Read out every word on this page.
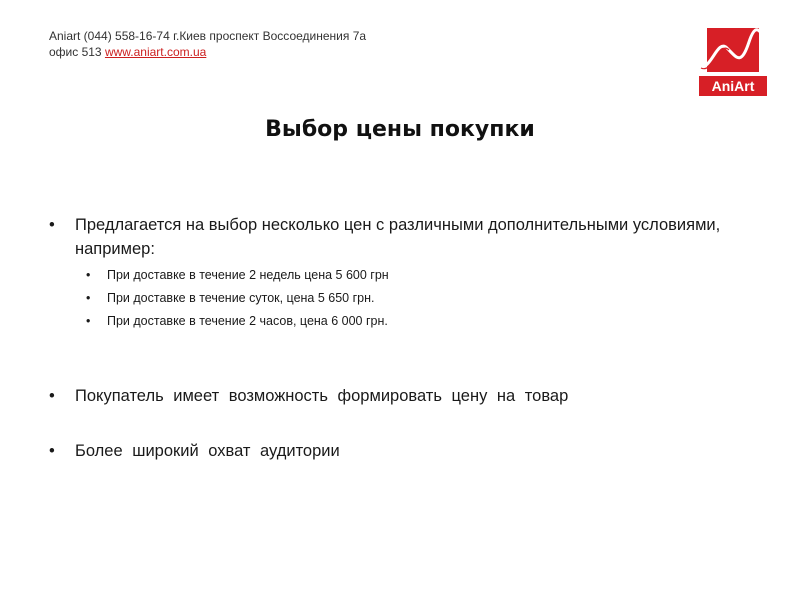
Aniart (044) 558-16-74 г.Киев проспект Воссоединения 7а
офис 513 www.aniart.com.ua
AniArt
Выбор цены покупки
• Предлагается на выбор несколько цен с различными дополнительными условиями, например:
• При доставке в течение 2 недель цена 5 600 грн
• При доставке в течение суток, цена 5 650 грн.
• При доставке в течение 2 часов, цена 6 000 грн.
• Покупатель имеет возможность формировать цену на товар
• Более широкий охват аудитории
